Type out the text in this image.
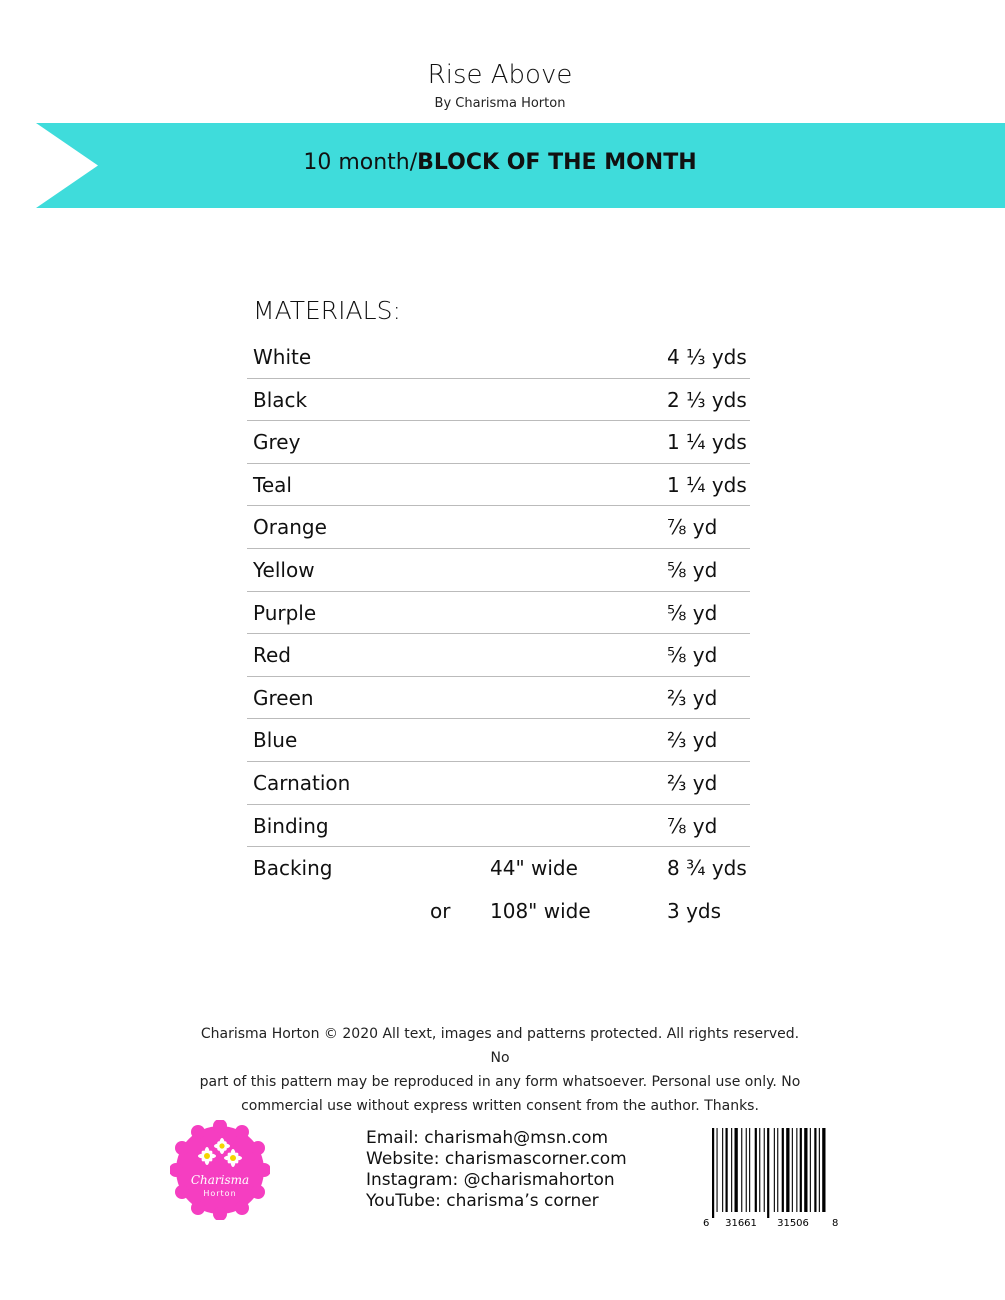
Rise Above
By Charisma Horton
10 month/BLOCK OF THE MONTH
MATERIALS:
White	4 ⅓ yds
Black	2 ⅓ yds
Grey	1 ¼ yds
Teal	1 ¼ yds
Orange	⅞ yd
Yellow	⅝ yd
Purple	⅝ yd
Red	⅝ yd
Green	⅔ yd
Blue	⅔ yd
Carnation	⅔ yd
Binding	⅞ yd
Backing	44" wide	8 ¾ yds
or 108" wide	3 yds
Charisma Horton © 2020 All text, images and patterns protected. All rights reserved. No
part of this pattern may be reproduced in any form whatsoever. Personal use only. No
commercial use without express written consent from the author. Thanks.
Charisma
Horton
Email: charismah@msn.com
Website: charismascorner.com
Instagram: @charismahorton
YouTube: charisma’s corner
6 31661 31506 8
